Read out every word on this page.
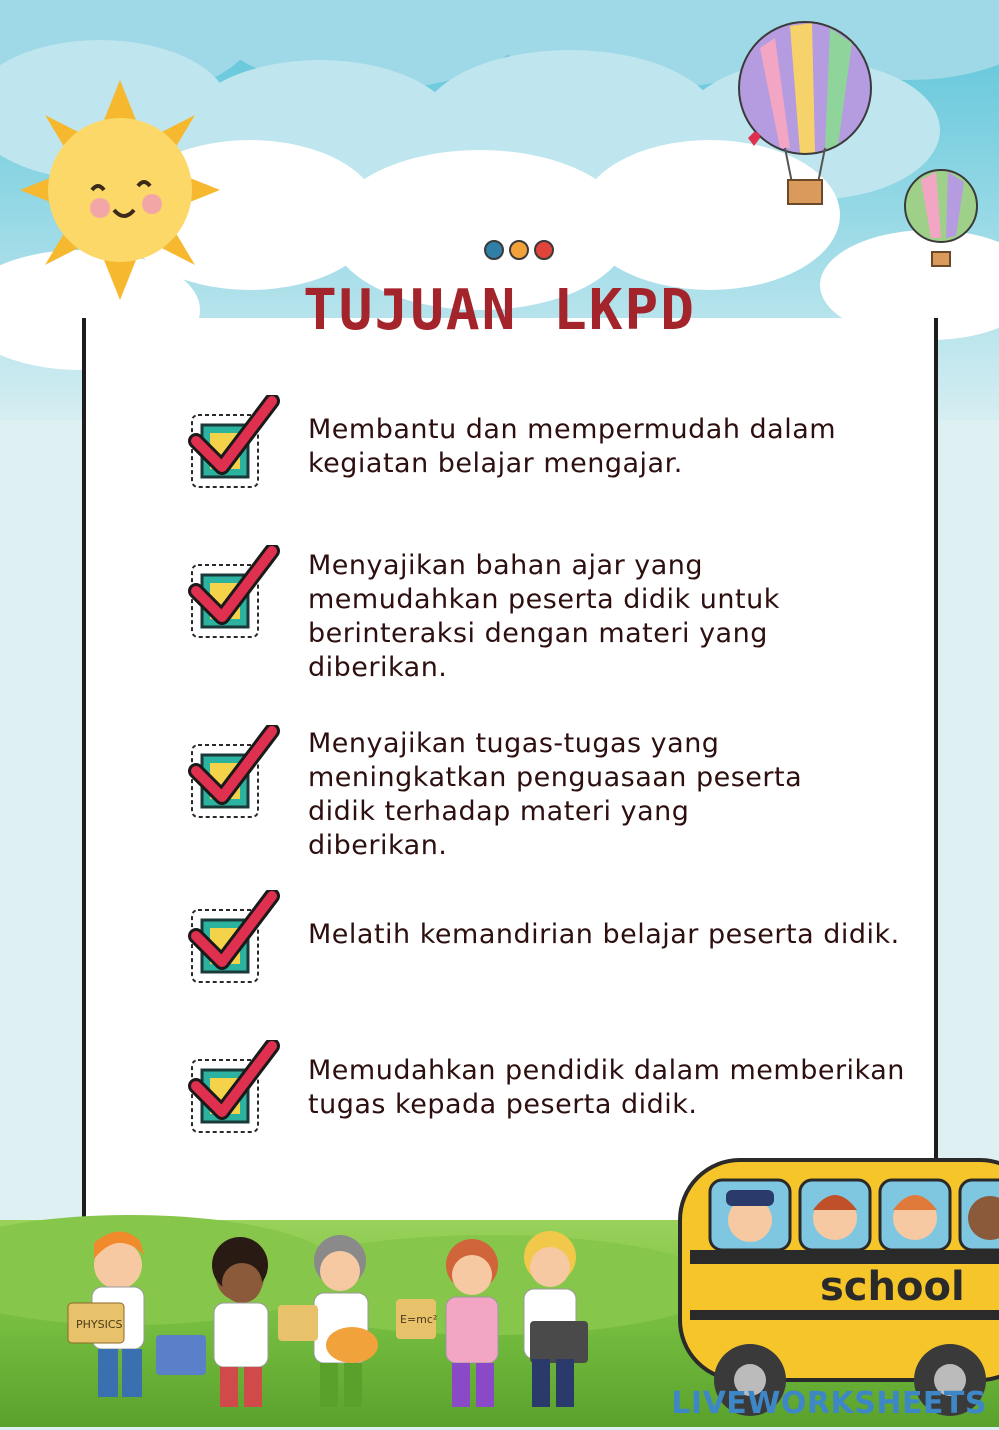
TUJUAN LKPD
Membantu dan mempermudah dalam
kegiatan belajar mengajar.
Menyajikan bahan ajar yang
memudahkan peserta didik untuk
berinteraksi dengan materi yang
diberikan.
Menyajikan tugas-tugas yang
meningkatkan penguasaan peserta
didik terhadap materi yang
diberikan.
Melatih kemandirian belajar peserta didik.
Memudahkan pendidik dalam memberikan
tugas kepada peserta didik.
PHYSICS	E=mc²
school
LIVEWORKSHEETS
